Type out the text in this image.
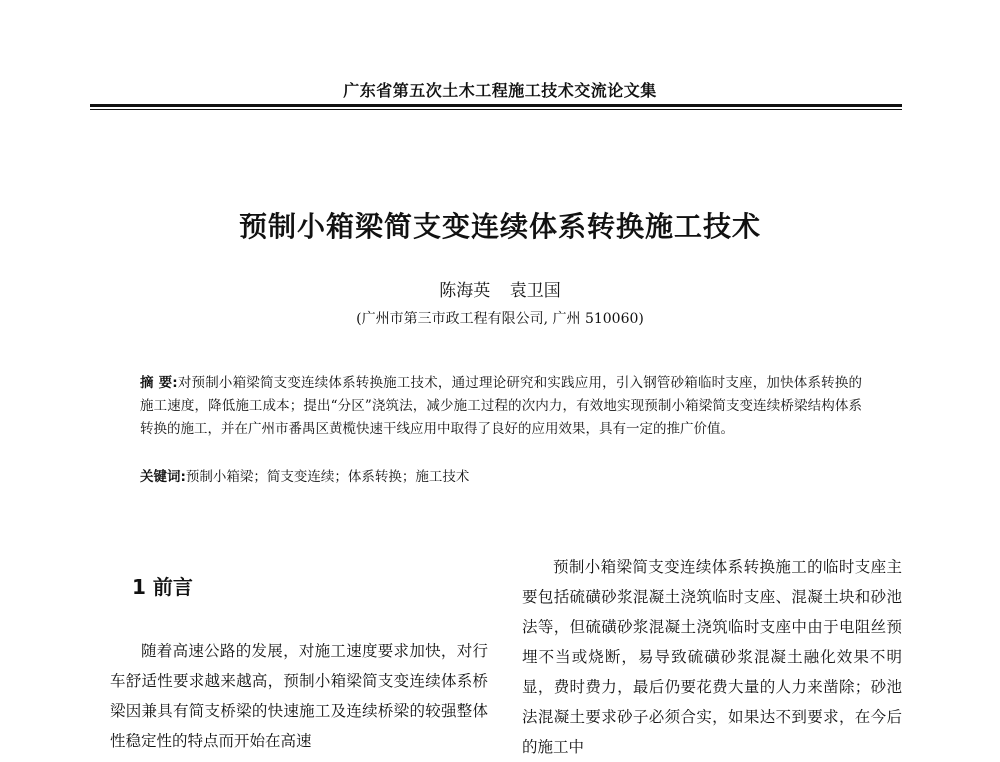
广东省第五次土木工程施工技术交流论文集
预制小箱梁简支变连续体系转换施工技术
陈海英 袁卫国
(广州市第三市政工程有限公司, 广州 510060)
摘 要:对预制小箱梁简支变连续体系转换施工技术，通过理论研究和实践应用，引入钢管砂箱临时支座，加快体系转换的施工速度，降低施工成本；提出“分区”浇筑法，减少施工过程的次内力，有效地实现预制小箱梁简支变连续桥梁结构体系转换的施工，并在广州市番禺区黄榄快速干线应用中取得了良好的应用效果，具有一定的推广价值。
关键词:预制小箱梁；简支变连续；体系转换；施工技术
1 前言

随着高速公路的发展，对施工速度要求加快，对行车舒适性要求越来越高，预制小箱梁简支变连续体系桥梁因兼具有简支桥梁的快速施工及连续桥梁的较强整体性稳定性的特点而开始在高速

预制小箱梁简支变连续体系转换施工的临时支座主要包括硫磺砂浆混凝土浇筑临时支座、混凝土块和砂池法等，但硫磺砂浆混凝土浇筑临时支座中由于电阻丝预埋不当或烧断，易导致硫磺砂浆混凝土融化效果不明显，费时费力，最后仍要花费大量的人力来凿除；砂池法混凝土要求砂子必须合实，如果达不到要求，在今后的施工中
